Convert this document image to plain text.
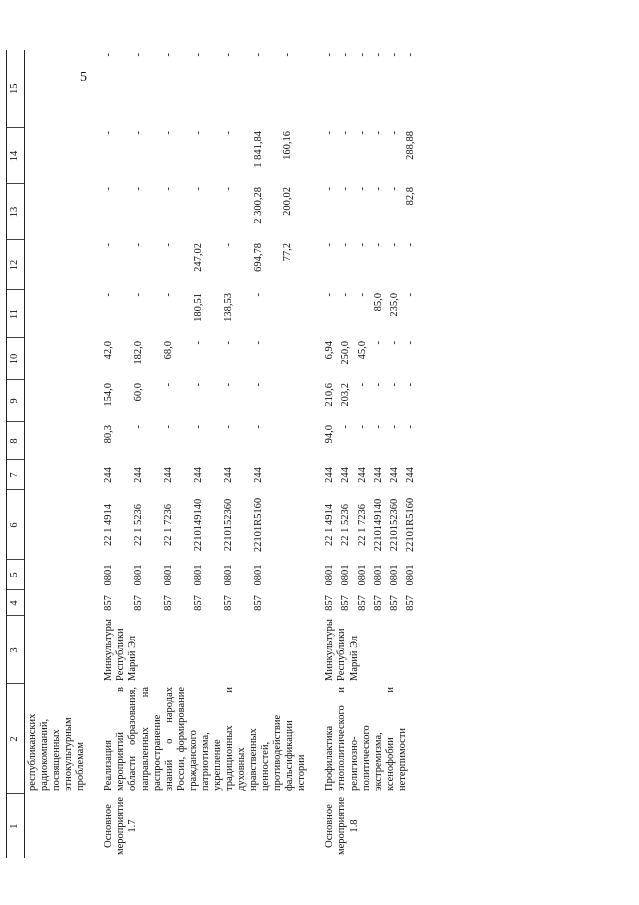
5
1	2	3	4	5	6	7	8	9	10	11	12	13	14	15
	республиканских радиокомпаний, посвященных этнокультурным проблемам													

Основное мероприятие 1.7	Реализация мероприятий в области образования, направленных на распространение знаний о народах России, формирование гражданского патриотизма, укрепление традиционных и духовных нравственных ценностей, противодействие фальсификации истории	Минкультуры Республики Марий Эл	857	0801	22 1 4914	244	80,3	154,0	42,0	-	-	-	-	-
			857	0801	22 1 5236	244	-	60,0	182,0	-	-	-	-	-
			857	0801	22 1 7236	244	-	-	68,0	-	-	-	-	-
			857	0801	2210149140	244	-	-	-	180,51	247,02	-	-	-
			857	0801	2210152360	244	-	-	-	138,53	-	-	-	-
			857	0801	22101R5160	244	-	-	-	-	694,78	2 300,28	1 841,84	-
											77,2	200,02	160,16	-

Основное мероприятие 1.8	Профилактика этнополитического и религиозно-политического экстремизма, ксенофобии и нетерпимости	Минкультуры Республики Марий Эл	857	0801	22 1 4914	244	94,0	210,6	6,94	-	-	-	-	-
			857	0801	22 1 5236	244	-	203,2	250,0	-	-	-	-	-
			857	0801	22 1 7236	244	-	-	45,0	-	-	-	-	-
			857	0801	2210149140	244	-	-	-	85,0	-	-	-	-
			857	0801	2210152360	244	-	-	-	235,0	-	-	-	-
			857	0801	22101R5160	244	-	-	-	-	-	82,8	288,88	-
